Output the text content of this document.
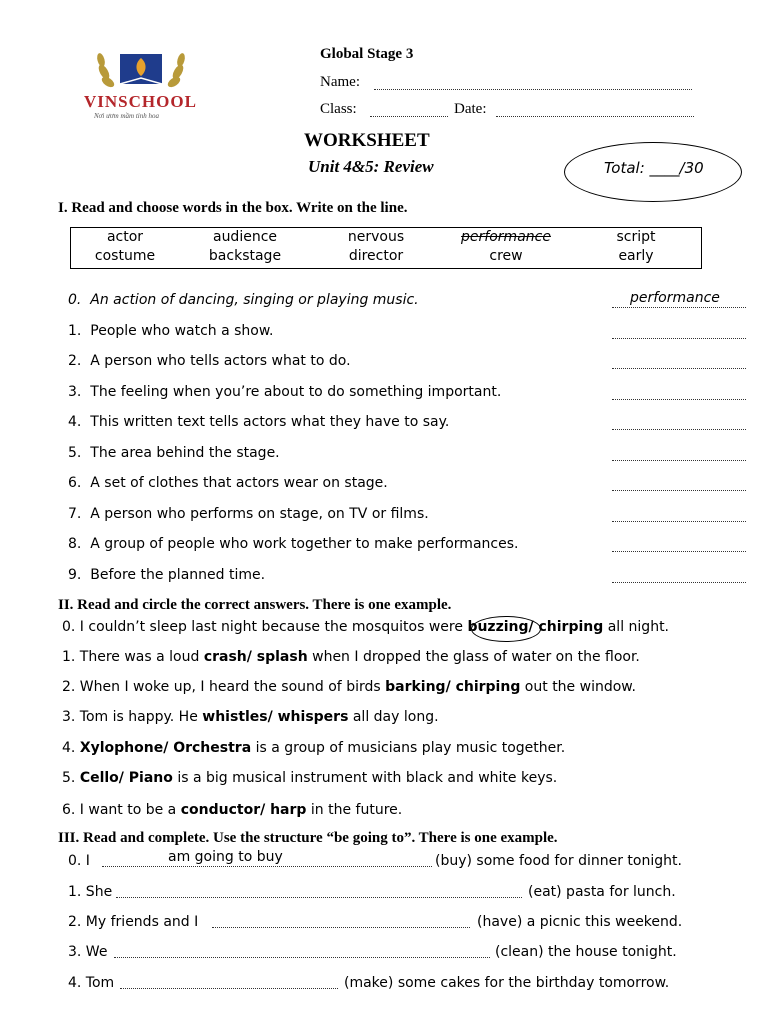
VINSCHOOL
Nơi ươm mầm tinh hoa
Global Stage 3
Name:
Class:	Date:
WORKSHEET
Unit 4&5: Review	Total: ____/30
I. Read and choose words in the box. Write on the line.
actor	audience	nervous	performance	script
costume	backstage	director	crew	early
0. An action of dancing, singing or playing music.	performance
1. People who watch a show.
2. A person who tells actors what to do.
3. The feeling when you’re about to do something important.
4. This written text tells actors what they have to say.
5. The area behind the stage.
6. A set of clothes that actors wear on stage.
7. A person who performs on stage, on TV or films.
8. A group of people who work together to make performances.
9. Before the planned time.
II. Read and circle the correct answers. There is one example.
0. I couldn’t sleep last night because the mosquitos were buzzing/ chirping all night.
1. There was a loud crash/ splash when I dropped the glass of water on the floor.
2. When I woke up, I heard the sound of birds barking/ chirping out the window.
3. Tom is happy. He whistles/ whispers all day long.
4. Xylophone/ Orchestra is a group of musicians play music together.
5. Cello/ Piano is a big musical instrument with black and white keys.
6. I want to be a conductor/ harp in the future.
III. Read and complete. Use the structure “be going to”. There is one example.
0. I	am going to buy	(buy) some food for dinner tonight.
1. She	(eat) pasta for lunch.
2. My friends and I	(have) a picnic this weekend.
3. We	(clean) the house tonight.
4. Tom	(make) some cakes for the birthday tomorrow.
